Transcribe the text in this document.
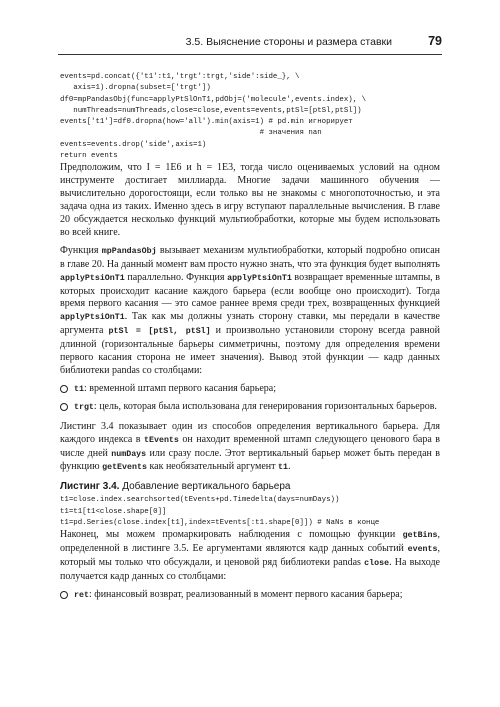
3.5. Выяснение стороны и размера ставки	79
events=pd.concat({'t1':t1,'trgt':trgt,'side':side_}, \
axis=1).dropna(subset=['trgt'])
df0=mpPandasObj(func=applyPtSlOnT1,pdObj=('molecule',events.index), \
numThreads=numThreads,close=close,events=events,ptSl=[ptSl,ptSl])
events['t1']=df0.dropna(how='all').min(axis=1) # pd.min игнорирует
# значения nan
events=events.drop('side',axis=1)
return events

Предположим, что I = 1E6 и h = 1E3, тогда число оцениваемых условий на одном инструменте достигает миллиарда. Многие задачи машинного обучения — вычислительно дорогостоящи, если только вы не знакомы с многопоточностью, и эта задача одна из таких. Именно здесь в игру вступают параллельные вычисления. В главе 20 обсуждается несколько функций мультиобработки, которые мы будем использовать во всей книге.

Функция mpPandasObj вызывает механизм мультиобработки, который подробно описан в главе 20. На данный момент вам просто нужно знать, что эта функция будет выполнять applyPtsiOnT1 параллельно. Функция applyPtsiOnT1 возвращает временные штампы, в которых происходит касание каждого барьера (если вообще оно происходит). Тогда время первого касания — это самое раннее время среди трех, возвращенных функцией applyPtsiOnT1. Так как мы должны узнать сторону ставки, мы передали в качестве аргумента ptSl = [ptSl, ptSl] и произвольно установили сторону всегда равной длинной (горизонтальные барьеры симметричны, поэтому для определения времени первого касания сторона не имеет значения). Вывод этой функции — кадр данных библиотеки pandas со столбцами:

t1: временной штамп первого касания барьера;
trgt: цель, которая была использована для генерирования горизонтальных барьеров.

Листинг 3.4 показывает один из способов определения вертикального барьера. Для каждого индекса в tEvents он находит временной штамп следующего ценового бара в числе дней numDays или сразу после. Этот вертикальный барьер может быть передан в функцию getEvents как необязательный аргумент t1.

Листинг 3.4. Добавление вертикального барьера
t1=close.index.searchsorted(tEvents+pd.Timedelta(days=numDays))
t1=t1[t1<close.shape[0]]
t1=pd.Series(close.index[t1],index=tEvents[:t1.shape[0]]) # NaNs в конце

Наконец, мы можем промаркировать наблюдения с помощью функции getBins, определенной в листинге 3.5. Ее аргументами являются кадр данных событий events, который мы только что обсуждали, и ценовой ряд библиотеки pandas close. На выходе получается кадр данных со столбцами:

ret: финансовый возврат, реализованный в момент первого касания барьера;
